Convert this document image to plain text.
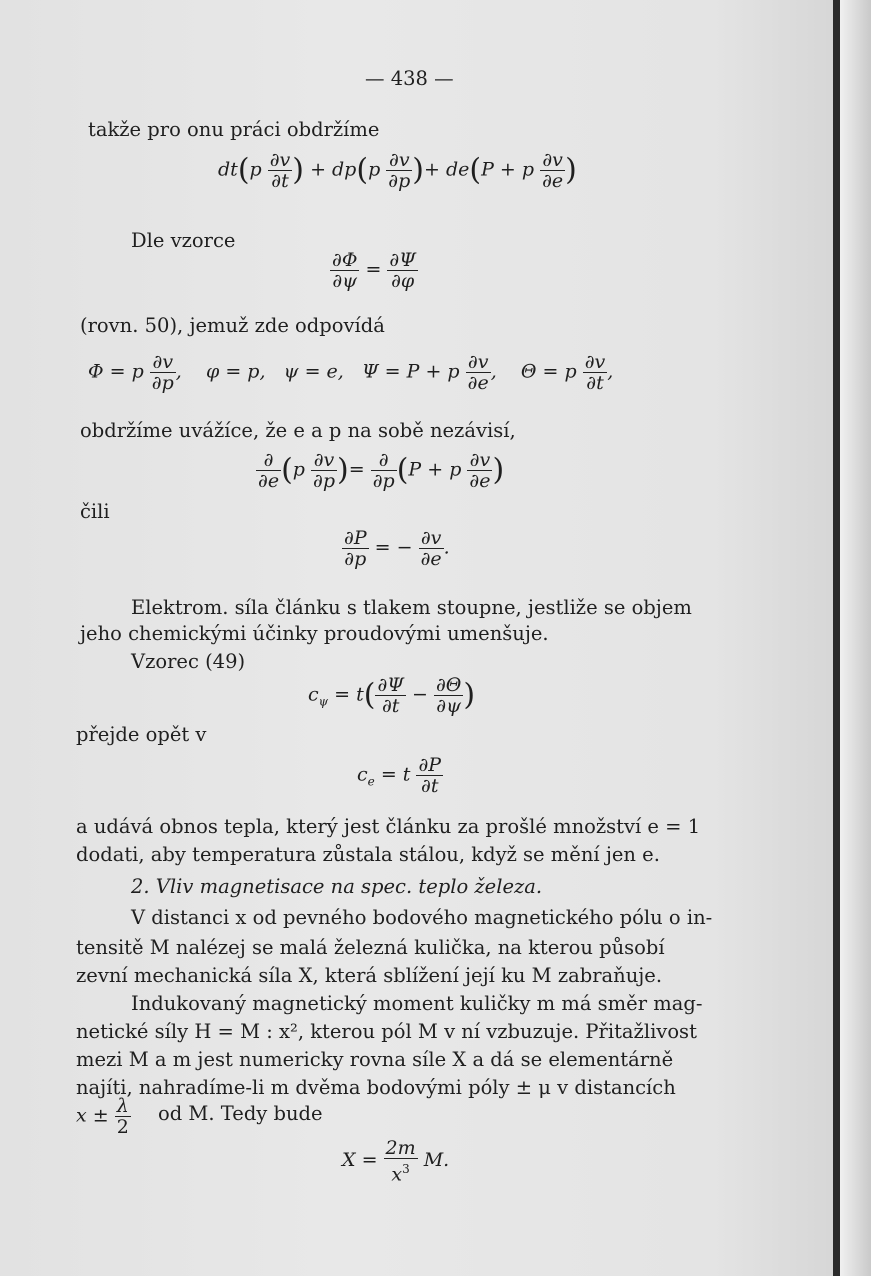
— 438 —
takže pro onu práci obdržíme
$dt(p \frac{\partial v}{\partial t}$ ) + $dp(p \frac{\partial v}{\partial p}$ )+ de(P + p $\frac{\partial v}{\partial e}$ )
Dle vzorce
$\frac{\partial\Phi}{\partial\psi} = \frac{\partial\Psi}{\partial\varphi}$
(rovn. 50), jemuž zde odpovídá
Φ = p $\frac{\partial v}{\partial p}$ ,    φ = p,   ψ = e,   Ψ = P + p $\frac{\partial v}{\partial e}$ ,    Θ = p $\frac{\partial v}{\partial t}$ ,
obdržíme uvážíce, že e a p na sobě nezávisí,
$\frac{\partial}{\partial e} (p \frac{\partial v}{\partial p}$ )= $\frac{\partial}{\partial p} (P + p \frac{\partial v}{\partial e}$ )
čili
$\frac{\partial P}{\partial p}$ = − $\frac{\partial v}{\partial e}$ .
Elektrom. síla článku s tlakem stoupne, jestliže se objem
jeho chemickými účinky proudovými umenšuje.
Vzorec (49)
$c_\psi = t( \frac{\partial\Psi}{\partial t} - \frac{\partial\Theta}{\partial\psi}$ )
přejde opět v
$c_e = t \frac{\partial P}{\partial t}$
a udává obnos tepla, který jest článku za prošlé množství e = 1
dodati, aby temperatura zůstala stálou, když se mění jen e.
2. Vliv magnetisace na spec. teplo železa.
V distanci x od pevného bodového magnetického pólu o in-
tensitě M nalézej se malá železná kulička, na kterou působí
zevní mechanická síla X, která sblížení její ku M zabraňuje.
Indukovaný magnetický moment kuličky m má směr mag-
netické síly H = M : x², kterou pól M v ní vzbuzuje. Přitažlivost
mezi M a m jest numericky rovna síle X a dá se elementárně
najíti, nahradíme-li m dvěma bodovými póly ± μ v distancích
$x \pm \frac{\lambda}{2}$ od M. Tedy bude
$X = \frac{2m}{x^3} M$.
